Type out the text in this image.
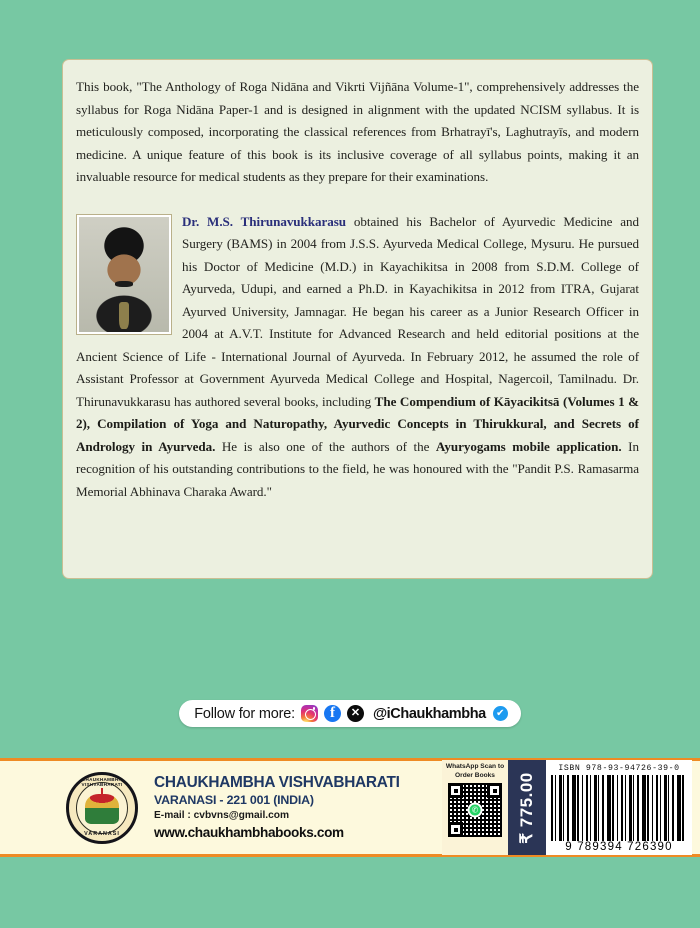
This book, "The Anthology of Roga Nidāna and Vikrti Vijñāna Volume-1", comprehensively addresses the syllabus for Roga Nidāna Paper-1 and is designed in alignment with the updated NCISM syllabus. It is meticulously composed, incorporating the classical references from Brhatrayī's, Laghutrayīs, and modern medicine. A unique feature of this book is its inclusive coverage of all syllabus points, making it an invaluable resource for medical students as they prepare for their examinations.

Dr. M.S. Thirunavukkarasu obtained his Bachelor of Ayurvedic Medicine and Surgery (BAMS) in 2004 from J.S.S. Ayurveda Medical College, Mysuru. He pursued his Doctor of Medicine (M.D.) in Kayachikitsa in 2008 from S.D.M. College of Ayurveda, Udupi, and earned a Ph.D. in Kayachikitsa in 2012 from ITRA, Gujarat Ayurved University, Jamnagar. He began his career as a Junior Research Officer in 2004 at A.V.T. Institute for Advanced Research and held editorial positions at the Ancient Science of Life - International Journal of Ayurveda. In February 2012, he assumed the role of Assistant Professor at Government Ayurveda Medical College and Hospital, Nagercoil, Tamilnadu. Dr. Thirunavukkarasu has authored several books, including The Compendium of Kāyacikitsā (Volumes 1 & 2), Compilation of Yoga and Naturopathy, Ayurvedic Concepts in Thirukkural, and Secrets of Andrology in Ayurveda. He is also one of the authors of the Ayuryogams mobile application. In recognition of his outstanding contributions to the field, he was honoured with the "Pandit P.S. Ramasarma Memorial Abhinava Charaka Award."
Follow for more:	f	✕ @iChaukhambha	✔
CHAUKHAMBHA VISHVABHARATI
VARANASI
CHAUKHAMBHA VISHVABHARATI
VARANASI - 221 001 (INDIA)
E-mail : cvbvns@gmail.com
www.chaukhambhabooks.com
WhatsApp Scan to Order Books
✆ ₹ 775.00
ISBN 978-93-94726-39-0
9 789394 726390
